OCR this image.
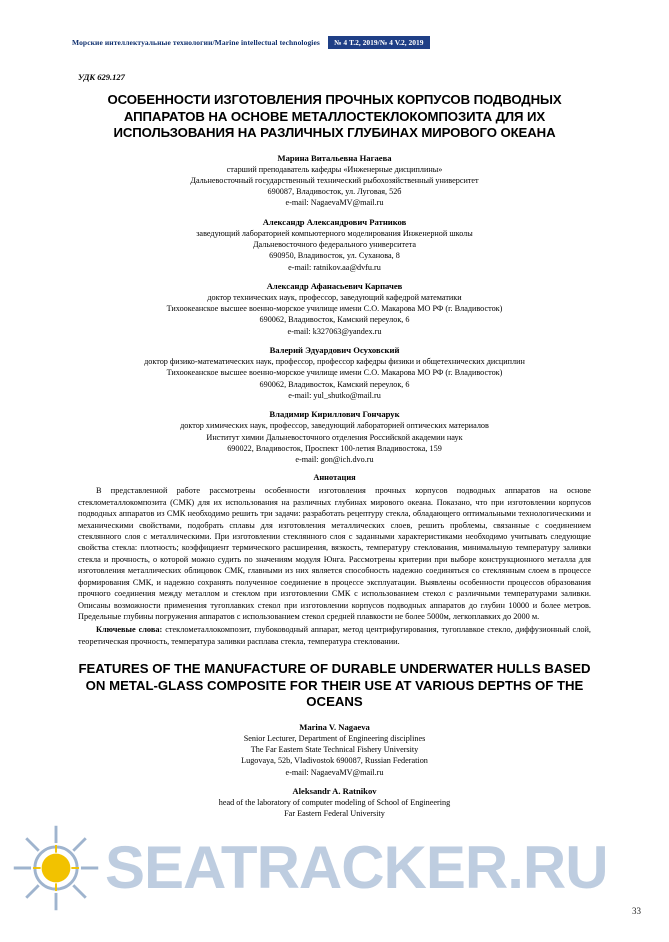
Морские интеллектуальные технологии/Marine intellectual technologies	№ 4 Т.2, 2019/№ 4 V.2, 2019
УДК 629.127
ОСОБЕННОСТИ ИЗГОТОВЛЕНИЯ ПРОЧНЫХ КОРПУСОВ ПОДВОДНЫХ АППАРАТОВ НА ОСНОВЕ МЕТАЛЛОСТЕКЛОКОМПОЗИТА ДЛЯ ИХ ИСПОЛЬЗОВАНИЯ НА РАЗЛИЧНЫХ ГЛУБИНАХ МИРОВОГО ОКЕАНА
Марина Витальевна Нагаева
старший преподаватель кафедры «Инженерные дисциплины»
Дальневосточный государственный технический рыбохозяйственный университет
690087, Владивосток, ул. Луговая, 52б
e-mail: NagaevaMV@mail.ru
Александр Александрович Ратников
заведующий лабораторией компьютерного моделирования Инженерной школы
Дальневосточного федерального университета
690950, Владивосток, ул. Суханова, 8
e-mail: ratnikov.aa@dvfu.ru
Александр Афанасьевич Карпачев
доктор технических наук, профессор, заведующий кафедрой математики
Тихоокеанское высшее военно-морское училище имени С.О. Макарова МО РФ (г. Владивосток)
690062, Владивосток, Камский переулок, 6
e-mail: k327063@yandex.ru
Валерий Эдуардович Осуховский
доктор физико-математических наук, профессор, профессор кафедры физики и общетехнических дисциплин
Тихоокеанское высшее военно-морское училище имени С.О. Макарова МО РФ (г. Владивосток)
690062, Владивосток, Камский переулок, 6
e-mail: yul_shutko@mail.ru
Владимир Кириллович Гончарук
доктор химических наук, профессор, заведующий лабораторией оптических материалов
Институт химии Дальневосточного отделения Российской академии наук
690022, Владивосток, Проспект 100-летия Владивостока, 159
e-mail: gon@ich.dvo.ru
Аннотация

В представленной работе рассмотрены особенности изготовления прочных корпусов подводных аппаратов на основе стеклометаллокомпозита (СМК) для их использования на различных глубинах мирового океана. Показано, что при изготовлении корпусов подводных аппаратов из СМК необходимо решить три задачи: разработать рецептуру стекла, обладающего оптимальными технологическими и механическими свойствами, подобрать сплавы для изготовления металлических слоев, решить проблемы, связанные с соединением стеклянного слоя с металлическими. При изготовлении стеклянного слоя с заданными характеристиками необходимо учитывать следующие свойства стекла: плотность; коэффициент термического расширения, вязкость, температуру стеклования, минимальную температуру заливки стекла и прочность, о которой можно судить по значениям модуля Юнга. Рассмотрены критерии при выборе конструкционного металла для изготовления металлических облицовок СМК, главными из них является способность надежно соединяться со стеклянным слоем в процессе формирования СМК, и надежно сохранять полученное соединение в процессе эксплуатации. Выявлены особенности процессов образования прочного соединения между металлом и стеклом при изготовлении СМК с использованием стекол с различными температурами заливки. Описаны возможности применения тугоплавких стекол при изготовлении корпусов подводных аппаратов до глубин 10000 и более метров. Предельные глубины погружения аппаратов с использованием стекол средней плавкости не более 5000м, легкоплавких до 2000 м.

Ключевые слова: стеклометаллокомпозит, глубоководный аппарат, метод центрифугирования, тугоплавкое стекло, диффузионный слой, теоретическая прочность, температура заливки расплава стекла, температура стекловании.

FEATURES OF THE MANUFACTURE OF DURABLE UNDERWATER HULLS BASED ON METAL-GLASS COMPOSITE FOR THEIR USE AT VARIOUS DEPTHS OF THE OCEANS
Marina V. Nagaeva
Senior Lecturer, Department of Engineering disciplines
The Far Eastern State Technical Fishery University
Lugovaya, 52b, Vladivostok 690087, Russian Federation
e-mail: NagaevaMV@mail.ru
Aleksandr A. Ratnikov
head of the laboratory of computer modeling of School of Engineering
Far Eastern Federal University
SEATRACKER.RU
33
